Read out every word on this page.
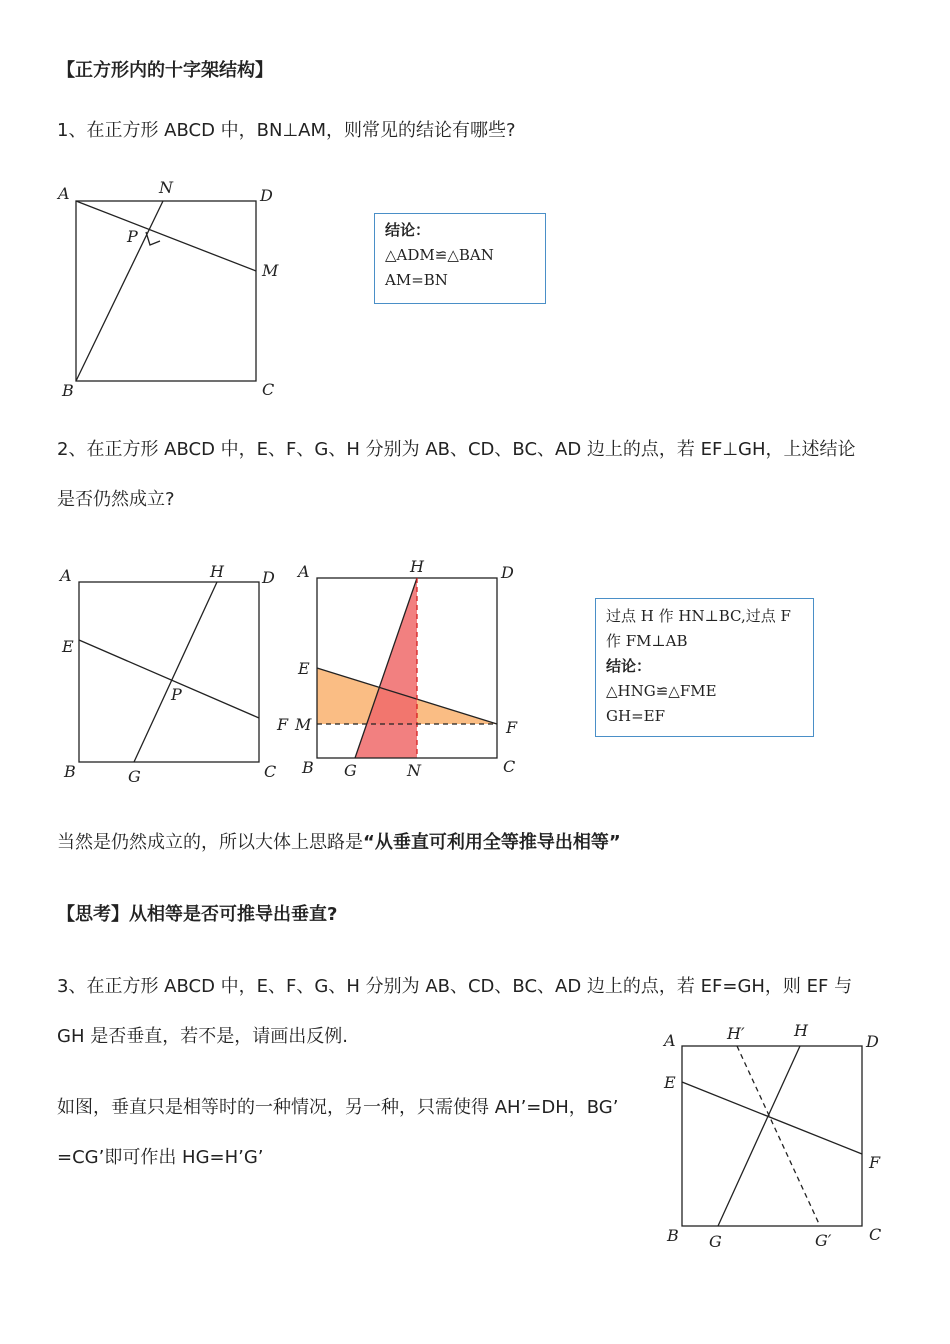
【正方形内的十字架结构】
1、在正方形 ABCD 中，BN⊥AM，则常见的结论有哪些?
A	N	D
P
M
B	C
A	H D
E
P
B	G	C
A	H	D
E
F M	F
B G	N	C
A	H′	H
D
E
F
B G	G′ C
结论：
△ADM≌△BAN
AM=BN
2、在正方形 ABCD 中，E、F、G、H 分别为 AB、CD、BC、AD 边上的点，若 EF⊥GH，上述结论
是否仍然成立?
过点 H 作 HN⊥BC,过点 F
作 FM⊥AB
结论：
△HNG≌△FME
GH=EF
当然是仍然成立的，所以大体上思路是“从垂直可利用全等推导出相等”
【思考】从相等是否可推导出垂直?
3、在正方形 ABCD 中，E、F、G、H 分别为 AB、CD、BC、AD 边上的点，若 EF=GH，则 EF 与
GH 是否垂直，若不是，请画出反例.
如图，垂直只是相等时的一种情况，另一种，只需使得 AH’=DH，BG’
=CG’即可作出 HG=H’G’
